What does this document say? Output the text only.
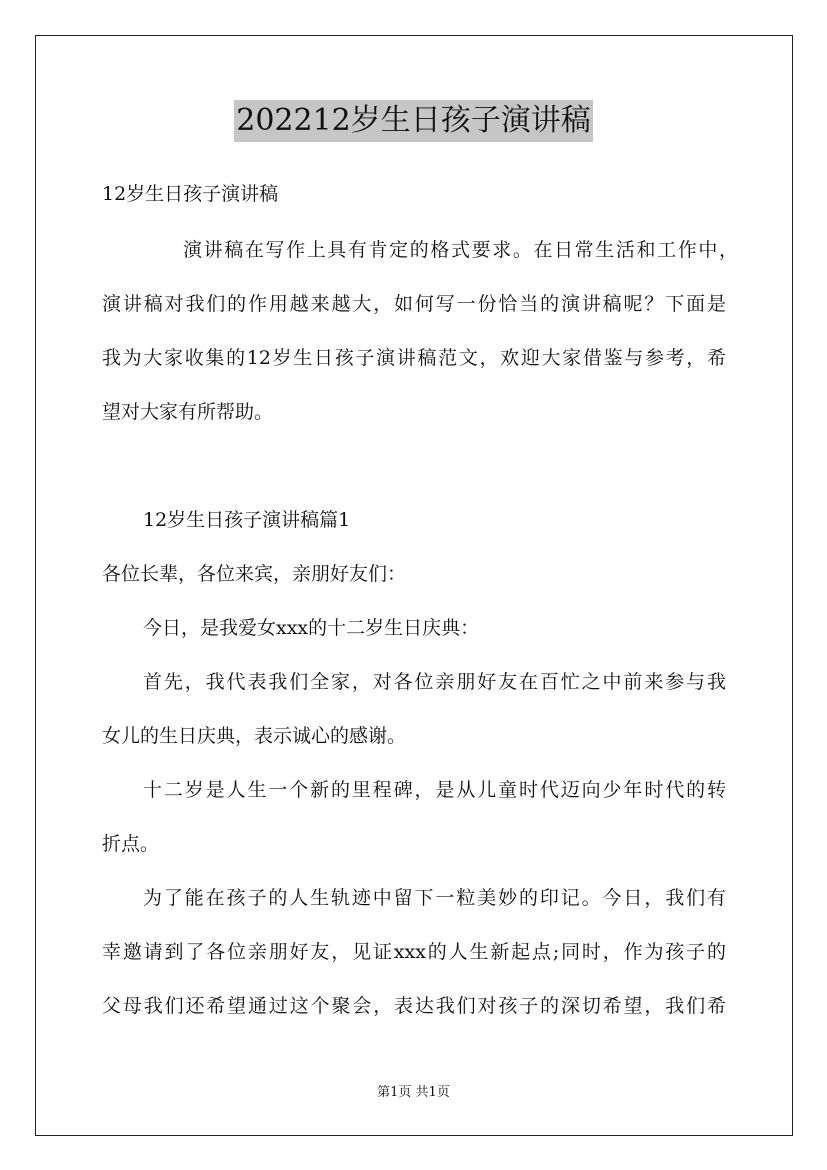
202212岁生日孩子演讲稿
12岁生日孩子演讲稿
演讲稿在写作上具有肯定的格式要求。在日常生活和工作中，
演讲稿对我们的作用越来越大，如何写一份恰当的演讲稿呢？下面是
我为大家收集的12岁生日孩子演讲稿范文，欢迎大家借鉴与参考，希
望对大家有所帮助。
12岁生日孩子演讲稿篇1
各位长辈，各位来宾，亲朋好友们：
今日，是我爱女xxx的十二岁生日庆典：
首先，我代表我们全家，对各位亲朋好友在百忙之中前来参与我
女儿的生日庆典，表示诚心的感谢。
十二岁是人生一个新的里程碑，是从儿童时代迈向少年时代的转
折点。
为了能在孩子的人生轨迹中留下一粒美妙的印记。今日，我们有
幸邀请到了各位亲朋好友，见证xxx的人生新起点;同时，作为孩子的
父母我们还希望通过这个聚会，表达我们对孩子的深切希望，我们希
第1页 共1页
